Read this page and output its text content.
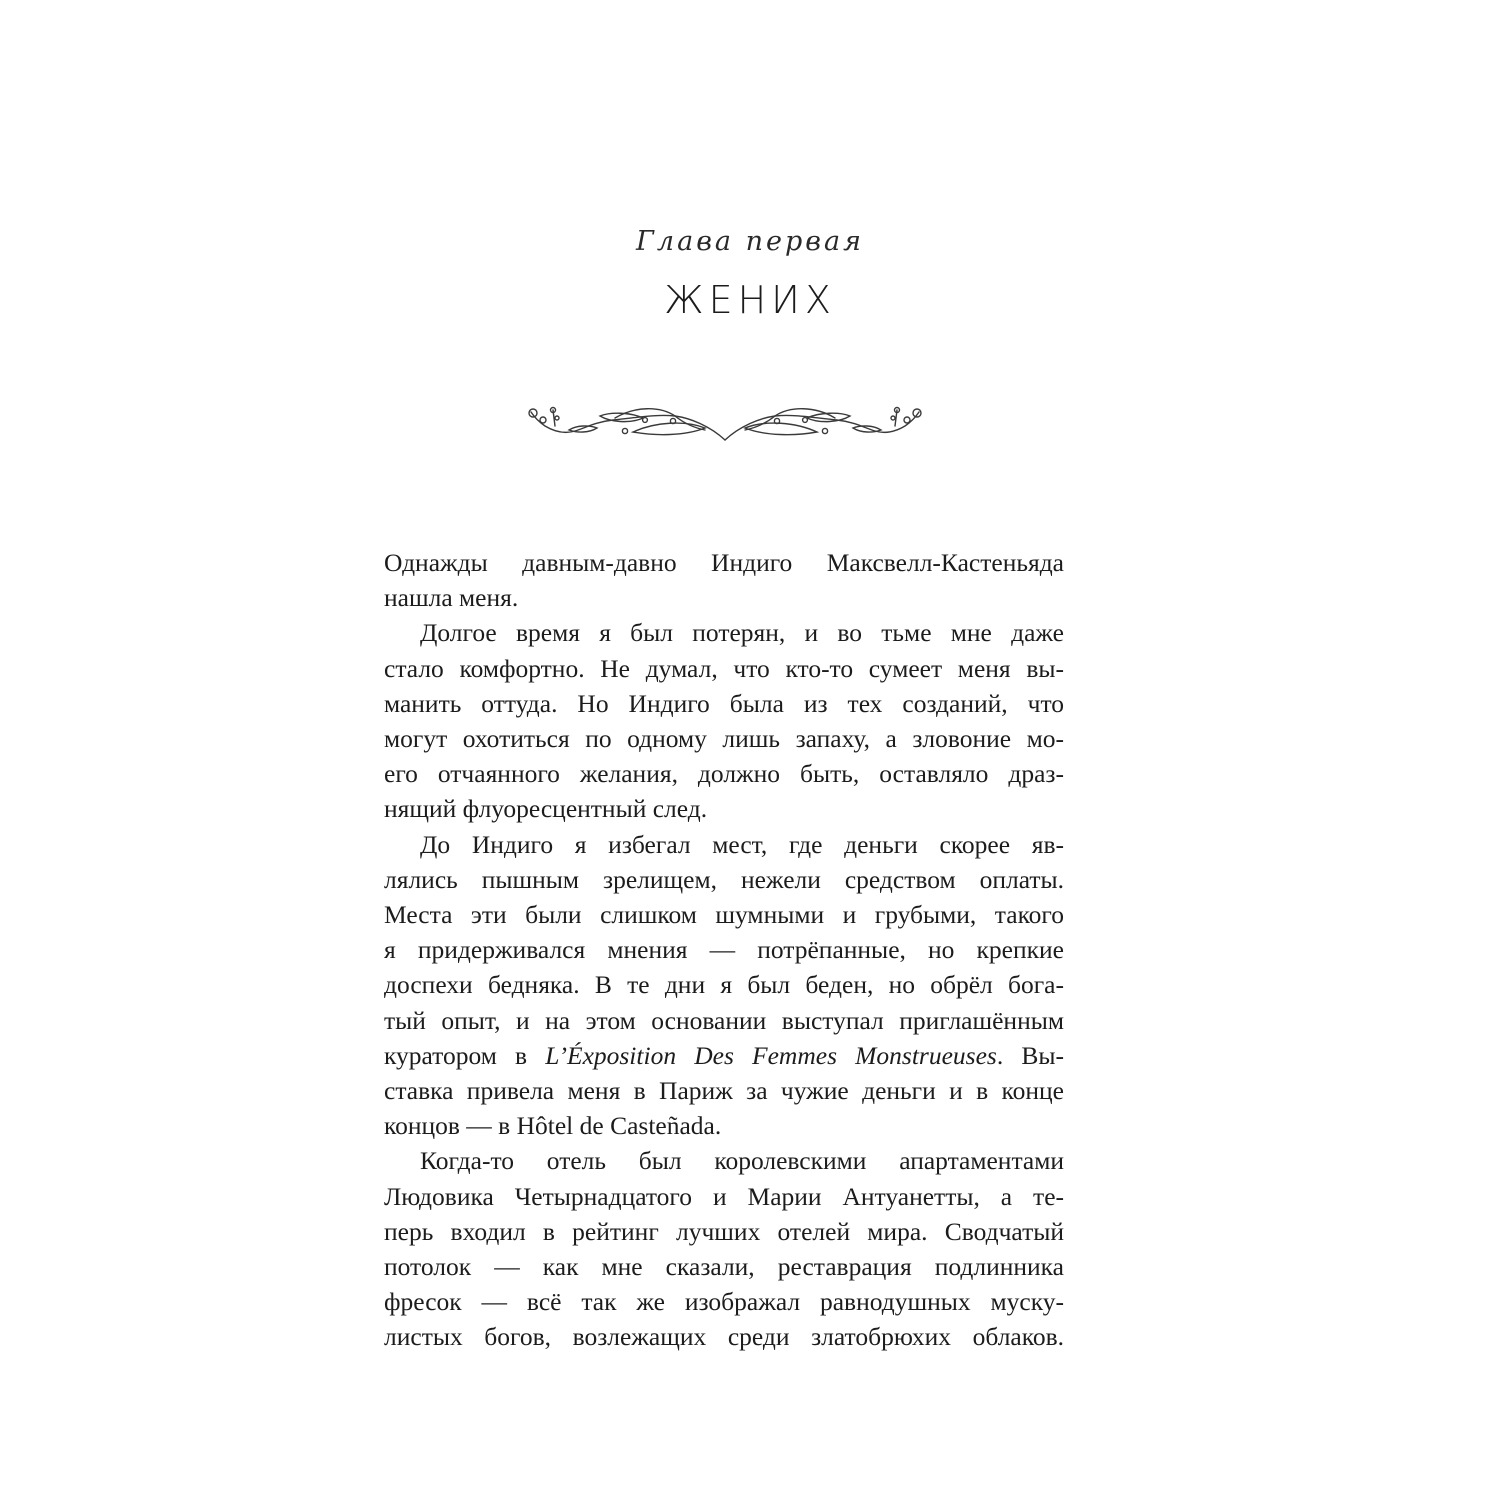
Глава первая
ЖЕНИХ
Однажды давным-давно Индиго Максвелл-Кастеньяда
нашла меня.
Долгое время я был потерян, и во тьме мне даже
стало комфортно. Не думал, что кто-то сумеет меня вы-
манить оттуда. Но Индиго была из тех созданий, что
могут охотиться по одному лишь запаху, а зловоние мо-
его отчаянного желания, должно быть, оставляло драз-
нящий флуоресцентный след.
До Индиго я избегал мест, где деньги скорее яв-
лялись пышным зрелищем, нежели средством оплаты.
Места эти были слишком шумными и грубыми, такого
я придерживался мнения — потрёпанные, но крепкие
доспехи бедняка. В те дни я был беден, но обрёл бога-
тый опыт, и на этом основании выступал приглашённым
куратором в L’Éxposition Des Femmes Monstrueuses. Вы-
ставка привела меня в Париж за чужие деньги и в конце
концов — в Hôtel de Casteñada.
Когда-то отель был королевскими апартаментами
Людовика Четырнадцатого и Марии Антуанетты, а те-
перь входил в рейтинг лучших отелей мира. Сводчатый
потолок — как мне сказали, реставрация подлинника
фресок — всё так же изображал равнодушных муску-
листых богов, возлежащих среди златобрюхих облаков.
